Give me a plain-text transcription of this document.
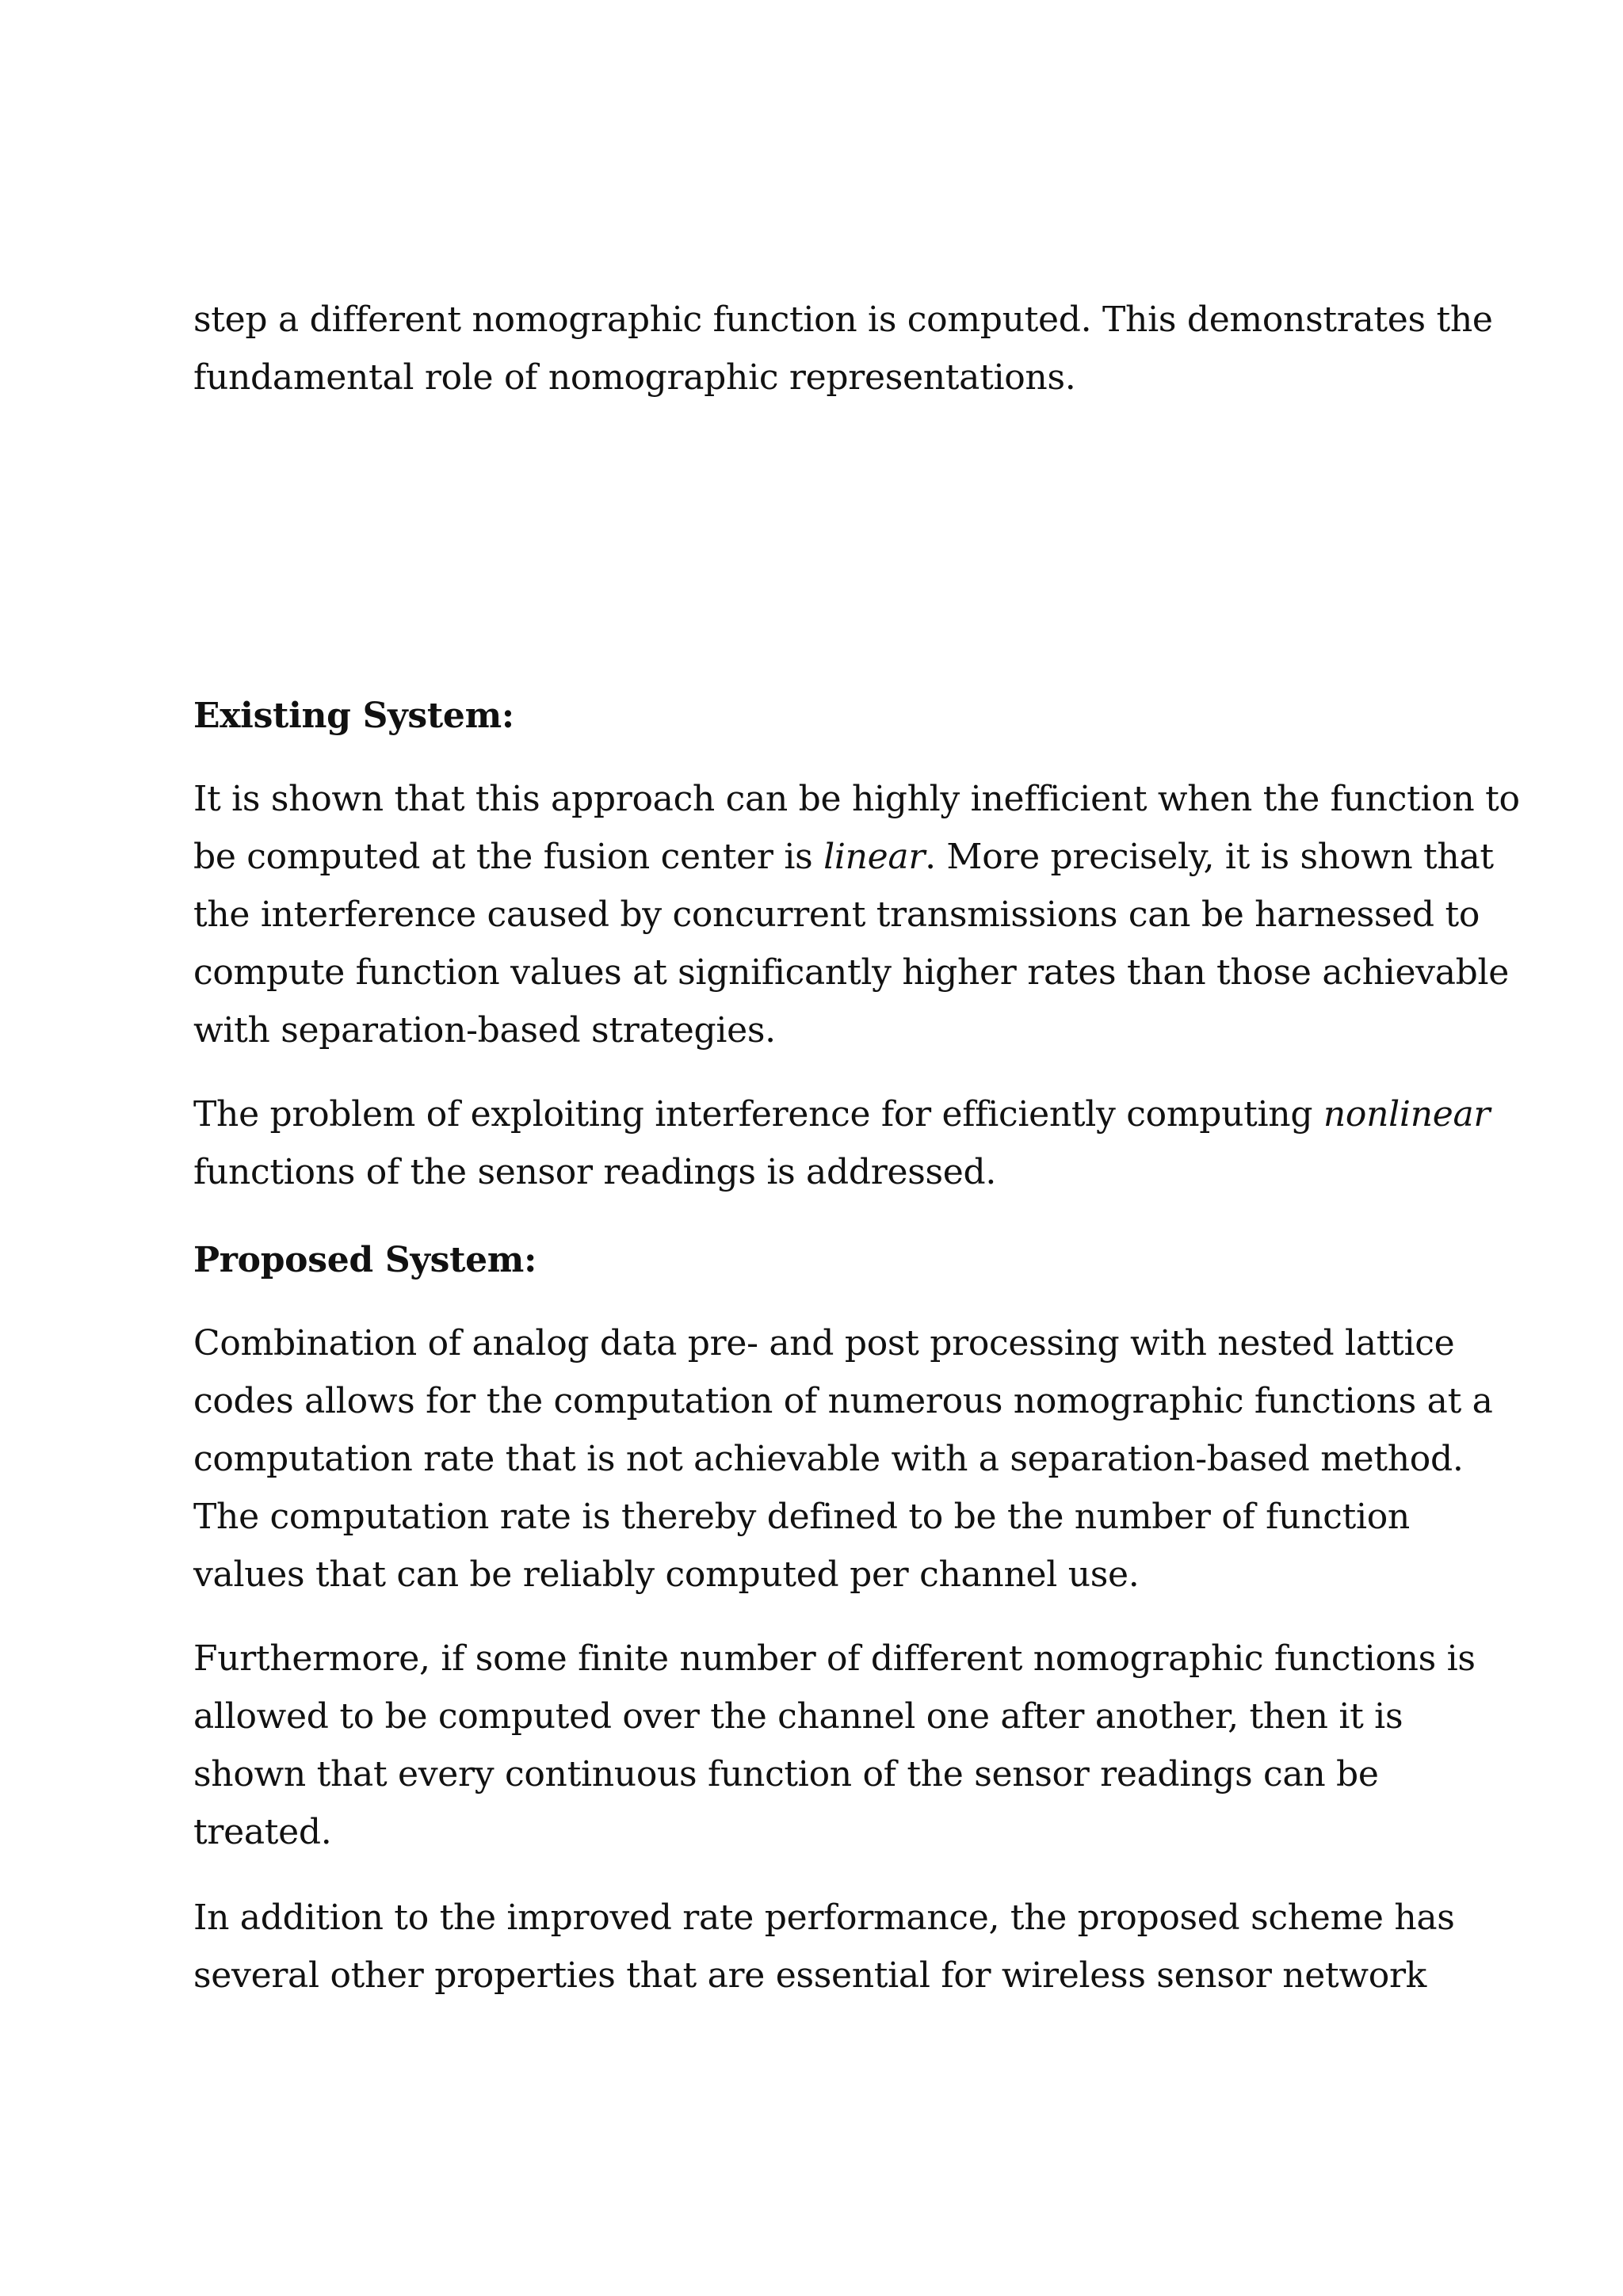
step a different nomographic function is computed. This demonstrates the
fundamental role of nomographic representations.

Existing System:

It is shown that this approach can be highly inefficient when the function to
be computed at the fusion center is linear. More precisely, it is shown that
the interference caused by concurrent transmissions can be harnessed to
compute function values at significantly higher rates than those achievable
with separation-based strategies.

The problem of exploiting interference for efficiently computing nonlinear
functions of the sensor readings is addressed.

Proposed System:

Combination of analog data pre- and post processing with nested lattice
codes allows for the computation of numerous nomographic functions at a
computation rate that is not achievable with a separation-based method.
The computation rate is thereby defined to be the number of function
values that can be reliably computed per channel use.

Furthermore, if some finite number of different nomographic functions is
allowed to be computed over the channel one after another, then it is
shown that every continuous function of the sensor readings can be
treated.

In addition to the improved rate performance, the proposed scheme has
several other properties that are essential for wireless sensor network
